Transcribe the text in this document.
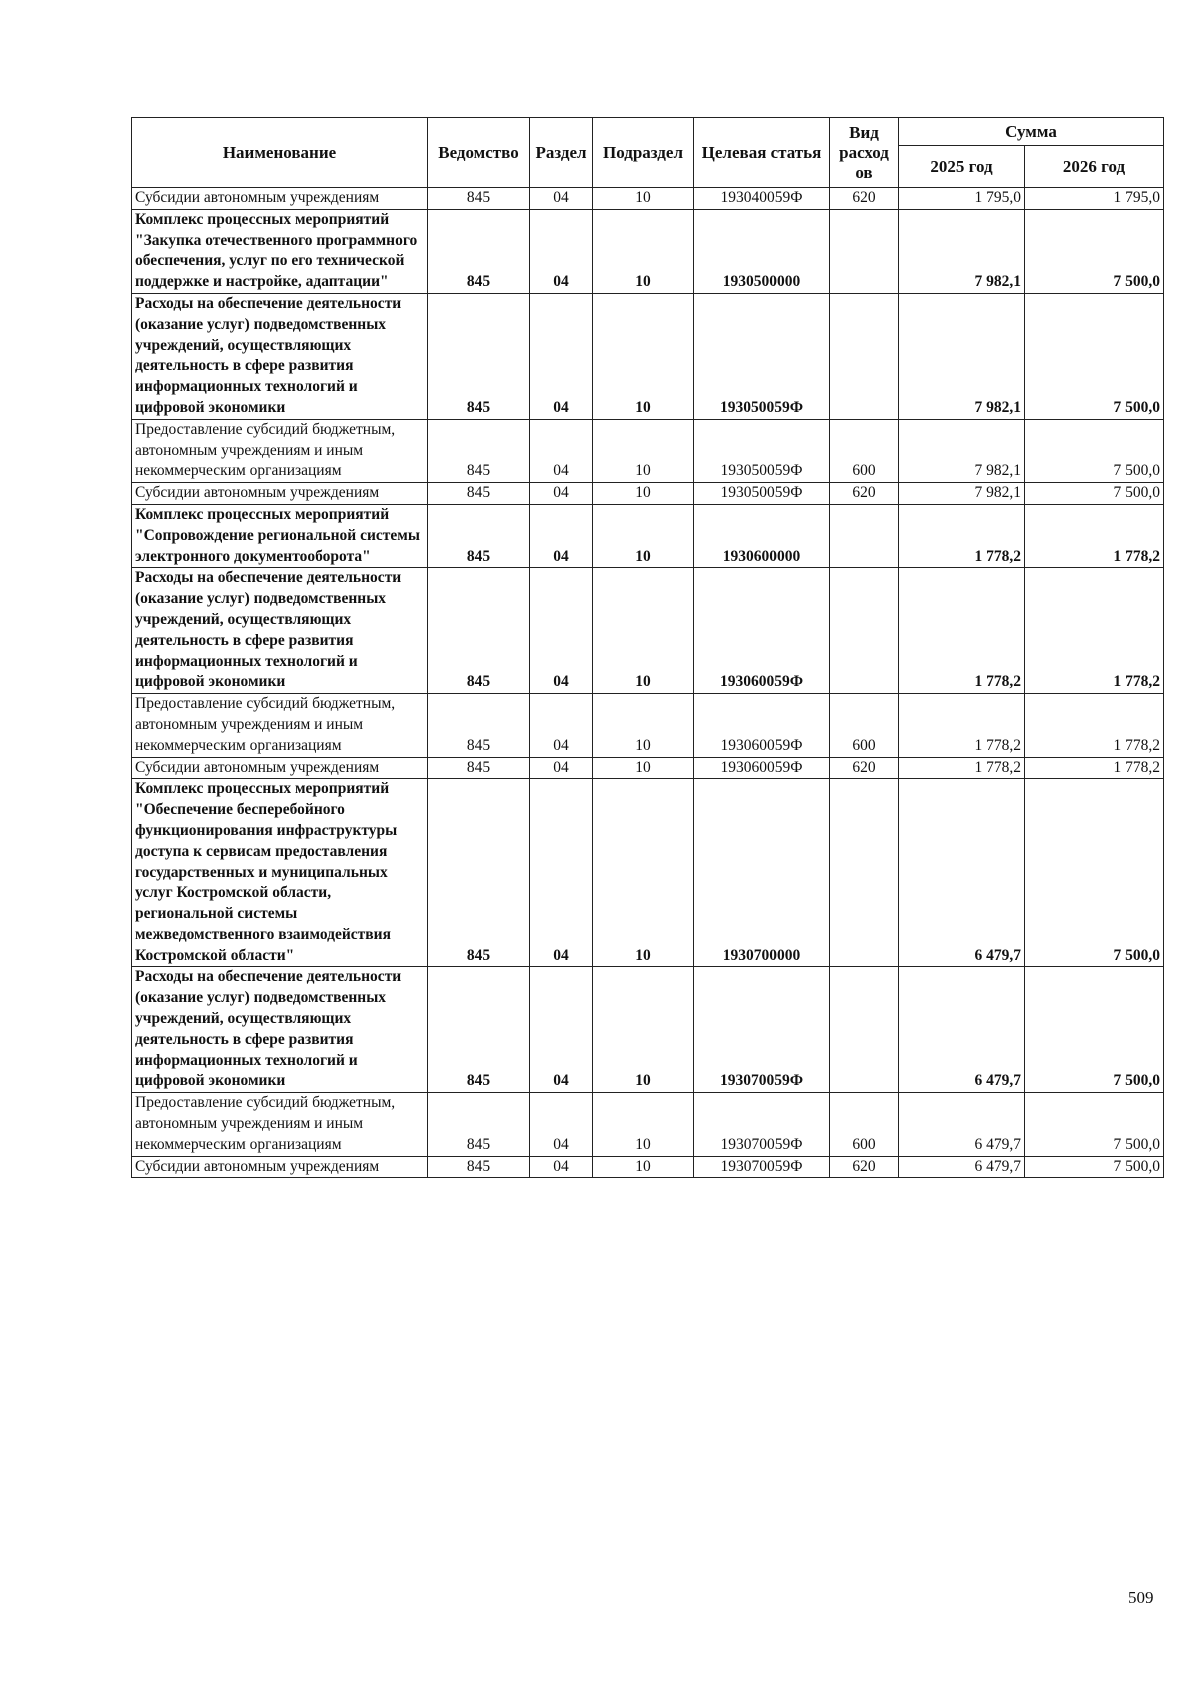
Наименование	Ведомство	Раздел	Подраздел	Целевая статья	Вид расход ов	Сумма	
						2025 год	2026 год
Субсидии автономным учреждениям	845	04	10	193040059Ф	620	1 795,0	1 795,0
Комплекс процессных мероприятий "Закупка отечественного программного обеспечения, услуг по его технической поддержке и настройке, адаптации"	845	04	10	1930500000		7 982,1	7 500,0
Расходы на обеспечение деятельности (оказание услуг) подведомственных учреждений, осуществляющих деятельность в сфере развития информационных технологий и цифровой экономики	845	04	10	193050059Ф		7 982,1	7 500,0
Предоставление субсидий бюджетным, автономным учреждениям и иным некоммерческим организациям	845	04	10	193050059Ф	600	7 982,1	7 500,0
Субсидии автономным учреждениям	845	04	10	193050059Ф	620	7 982,1	7 500,0
Комплекс процессных мероприятий "Сопровождение региональной системы электронного документооборота"	845	04	10	1930600000		1 778,2	1 778,2
Расходы на обеспечение деятельности (оказание услуг) подведомственных учреждений, осуществляющих деятельность в сфере развития информационных технологий и цифровой экономики	845	04	10	193060059Ф		1 778,2	1 778,2
Предоставление субсидий бюджетным, автономным учреждениям и иным некоммерческим организациям	845	04	10	193060059Ф	600	1 778,2	1 778,2
Субсидии автономным учреждениям	845	04	10	193060059Ф	620	1 778,2	1 778,2
Комплекс процессных мероприятий "Обеспечение бесперебойного функционирования инфраструктуры доступа к сервисам предоставления государственных и муниципальных услуг Костромской области, региональной системы межведомственного взаимодействия Костромской области"	845	04	10	1930700000		6 479,7	7 500,0
Расходы на обеспечение деятельности (оказание услуг) подведомственных учреждений, осуществляющих деятельность в сфере развития информационных технологий и цифровой экономики	845	04	10	193070059Ф		6 479,7	7 500,0
Предоставление субсидий бюджетным, автономным учреждениям и иным некоммерческим организациям	845	04	10	193070059Ф	600	6 479,7	7 500,0
Субсидии автономным учреждениям	845	04	10	193070059Ф	620	6 479,7	7 500,0
509
